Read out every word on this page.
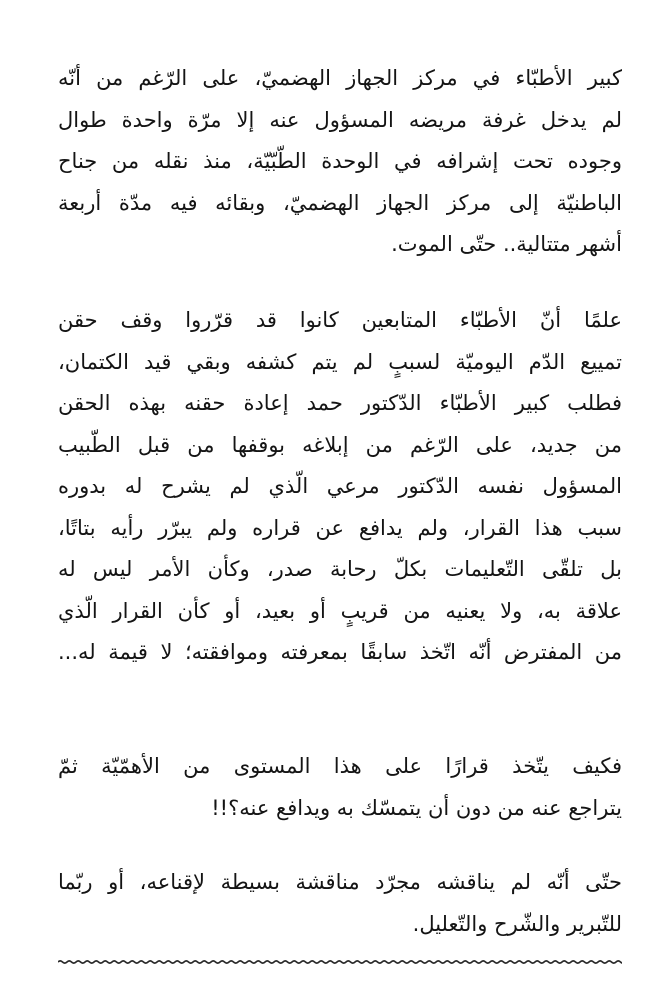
كبير الأطبّاء في مركز الجهاز الهضميّ، على الرّغم من أنّه
لم يدخل غرفة مريضه المسؤول عنه إلا مرّة واحدة طوال
وجوده تحت إشرافه في الوحدة الطّبّيّة، منذ نقله من جناح
الباطنيّة إلى مركز الجهاز الهضميّ، وبقائه فيه مدّة أربعة
أشهر متتالية.. حتّى الموت.
علمًا أنّ الأطبّاء المتابعين كانوا قد قرّروا وقف حقن
تمييع الدّم اليوميّة لسببٍ لم يتم كشفه وبقي قيد الكتمان،
فطلب كبير الأطبّاء الدّكتور حمد إعادة حقنه بهذه الحقن
من جديد، على الرّغم من إبلاغه بوقفها من قبل الطّبيب
المسؤول نفسه الدّكتور مرعي الّذي لم يشرح له بدوره
سبب هذا القرار، ولم يدافع عن قراره ولم يبرّر رأيه بتاتًا،
بل تلقّى التّعليمات بكلّ رحابة صدر، وكأن الأمر ليس له
علاقة به، ولا يعنيه من قريبٍ أو بعيد، أو كأن القرار الّذي
من المفترض أنّه اتّخذ سابقًا بمعرفته وموافقته؛ لا قيمة له...
فكيف يتّخذ قرارًا على هذا المستوى من الأهمّيّة ثمّ
يتراجع عنه من دون أن يتمسّك به ويدافع عنه؟!!
حتّى أنّه لم يناقشه مجرّد مناقشة بسيطة لإقناعه، أو ربّما
للتّبرير والشّرح والتّعليل.
